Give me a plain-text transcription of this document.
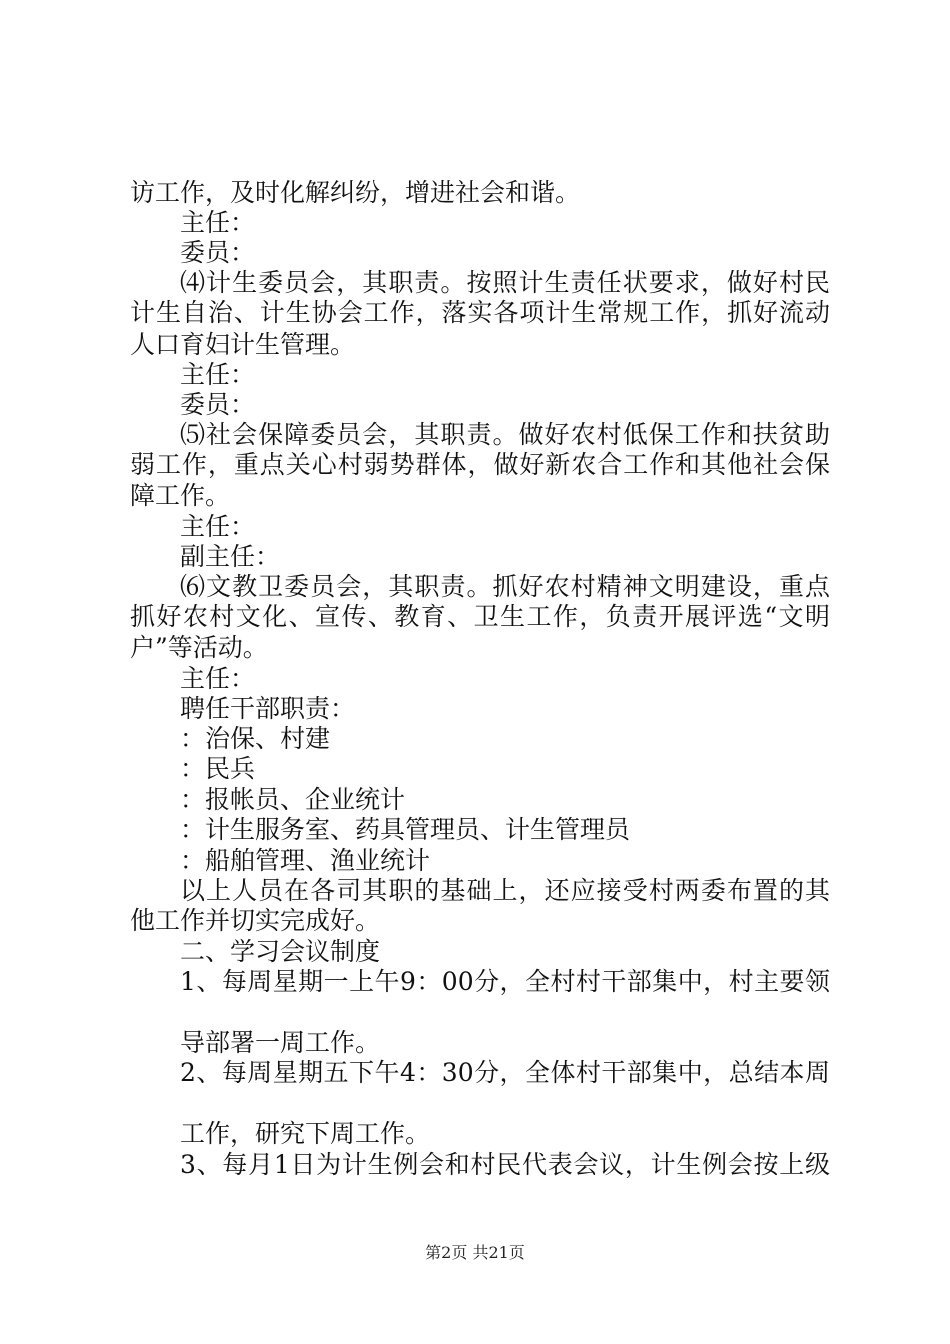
访工作，及时化解纠纷，增进社会和谐。
主任：
委员：
⑷计生委员会，其职责。按照计生责任状要求，做好村民
计生自治、计生协会工作，落实各项计生常规工作，抓好流动
人口育妇计生管理。
主任：
委员：
⑸社会保障委员会，其职责。做好农村低保工作和扶贫助
弱工作，重点关心村弱势群体，做好新农合工作和其他社会保
障工作。
主任：
副主任：
⑹文教卫委员会，其职责。抓好农村精神文明建设，重点
抓好农村文化、宣传、教育、卫生工作，负责开展评选“文明
户”等活动。
主任：
聘任干部职责：
：治保、村建
：民兵
：报帐员、企业统计
：计生服务室、药具管理员、计生管理员
：船舶管理、渔业统计
以上人员在各司其职的基础上，还应接受村两委布置的其
他工作并切实完成好。
二、学习会议制度
1、每周星期一上午9：00分，全村村干部集中，村主要领
导部署一周工作。
2、每周星期五下午4：30分，全体村干部集中，总结本周
工作，研究下周工作。
3、每月1日为计生例会和村民代表会议，计生例会按上级
第2页 共21页
